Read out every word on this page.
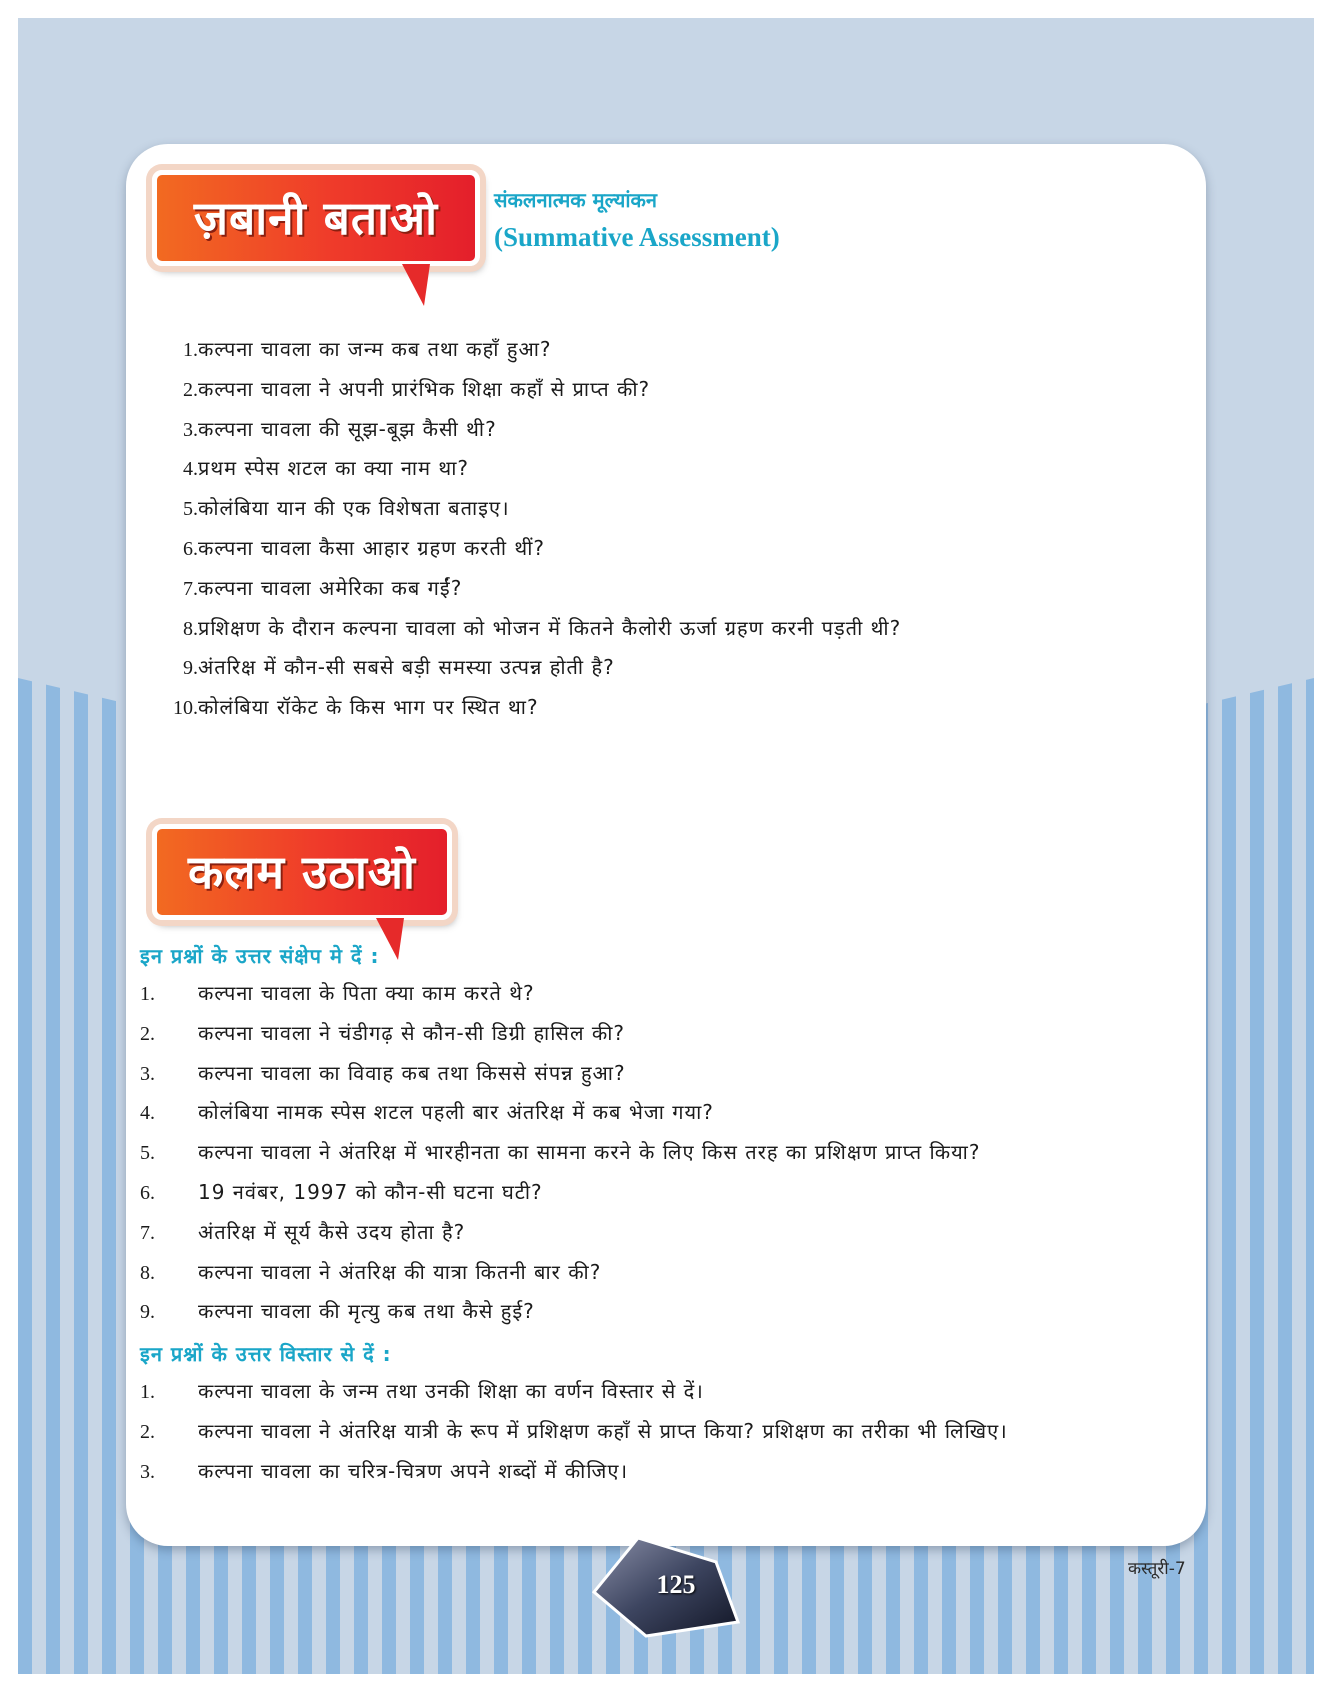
ज़बानी बताओ	संकलनात्मक मूल्यांकन
(Summative Assessment)
1. कल्पना चावला का जन्म कब तथा कहाँ हुआ?
2. कल्पना चावला ने अपनी प्रारंभिक शिक्षा कहाँ से प्राप्त की?
3. कल्पना चावला की सूझ-बूझ कैसी थी?
4. प्रथम स्पेस शटल का क्या नाम था?
5. कोलंबिया यान की एक विशेषता बताइए।
6. कल्पना चावला कैसा आहार ग्रहण करती थीं?
7. कल्पना चावला अमेरिका कब गईं?
8. प्रशिक्षण के दौरान कल्पना चावला को भोजन में कितने कैलोरी ऊर्जा ग्रहण करनी पड़ती थी?
9. अंतरिक्ष में कौन-सी सबसे बड़ी समस्या उत्पन्न होती है?
10. कोलंबिया रॉकेट के किस भाग पर स्थित था?
कलम उठाओ
इन प्रश्नों के उत्तर संक्षेप मे दें :
1. कल्पना चावला के पिता क्या काम करते थे?
2. कल्पना चावला ने चंडीगढ़ से कौन-सी डिग्री हासिल की?
3. कल्पना चावला का विवाह कब तथा किससे संपन्न हुआ?
4. कोलंबिया नामक स्पेस शटल पहली बार अंतरिक्ष में कब भेजा गया?
5. कल्पना चावला ने अंतरिक्ष में भारहीनता का सामना करने के लिए किस तरह का प्रशिक्षण प्राप्त किया?
6. 19 नवंबर, 1997 को कौन-सी घटना घटी?
7. अंतरिक्ष में सूर्य कैसे उदय होता है?
8. कल्पना चावला ने अंतरिक्ष की यात्रा कितनी बार की?
9. कल्पना चावला की मृत्यु कब तथा कैसे हुई?
इन प्रश्नों के उत्तर विस्तार से दें :
1. कल्पना चावला के जन्म तथा उनकी शिक्षा का वर्णन विस्तार से दें।
2. कल्पना चावला ने अंतरिक्ष यात्री के रूप में प्रशिक्षण कहाँ से प्राप्त किया? प्रशिक्षण का तरीका भी लिखिए।
3. कल्पना चावला का चरित्र-चित्रण अपने शब्दों में कीजिए।
125
कस्तूरी-7
